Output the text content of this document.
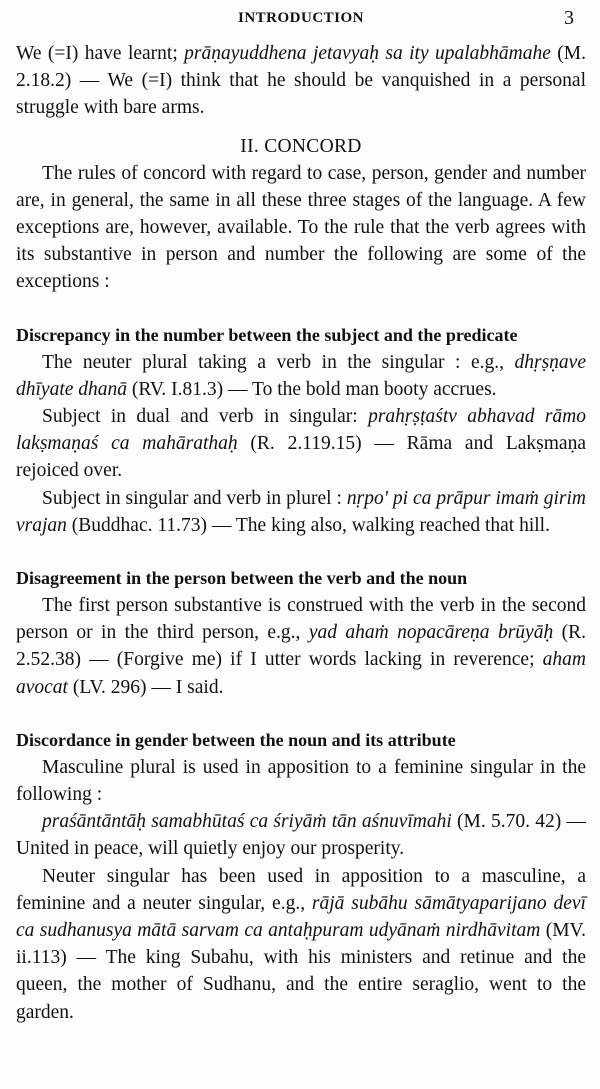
INTRODUCTION	3

We (=I) have learnt; prāṇayuddhena jetavyaḥ sa ity upalabhāmahe (M. 2.18.2) — We (=I) think that he should be vanquished in a personal struggle with bare arms.

II. CONCORD

The rules of concord with regard to case, person, gender and number are, in general, the same in all these three stages of the language. A few exceptions are, however, available. To the rule that the verb agrees with its substantive in person and number the following are some of the exceptions :

Discrepancy in the number between the subject and the predicate

The neuter plural taking a verb in the singular : e.g., dhṛṣṇave dhīyate dhanā (RV. I.81.3) — To the bold man booty accrues.

Subject in dual and verb in singular: prahṛṣṭaśtv abhavad rāmo lakṣmaṇaś ca mahārathaḥ (R. 2.119.15) — Rāma and Lakṣmaṇa rejoiced over.

Subject in singular and verb in plurel : nṛpo' pi ca prāpur imaṁ girim vrajan (Buddhac. 11.73) — The king also, walking reached that hill.

Disagreement in the person between the verb and the noun

The first person substantive is construed with the verb in the second person or in the third person, e.g., yad ahaṁ nopacāreṇa brūyāḥ (R. 2.52.38) — (Forgive me) if I utter words lacking in reverence; aham avocat (LV. 296) — I said.

Discordance in gender between the noun and its attribute

Masculine plural is used in apposition to a feminine singular in the following :

praśāntāntāḥ samabhūtaś ca śriyāṁ tān aśnuvīmahi (M. 5.70. 42) — United in peace, will quietly enjoy our prosperity.

Neuter singular has been used in apposition to a masculine, a feminine and a neuter singular, e.g., rājā subāhu sāmātyaparijano devī ca sudhanusya mātā sarvam ca antaḥpuram udyānaṁ nirdhāvitam (MV. ii.113) — The king Subahu, with his ministers and retinue and the queen, the mother of Sudhanu, and the entire seraglio, went to the garden.
